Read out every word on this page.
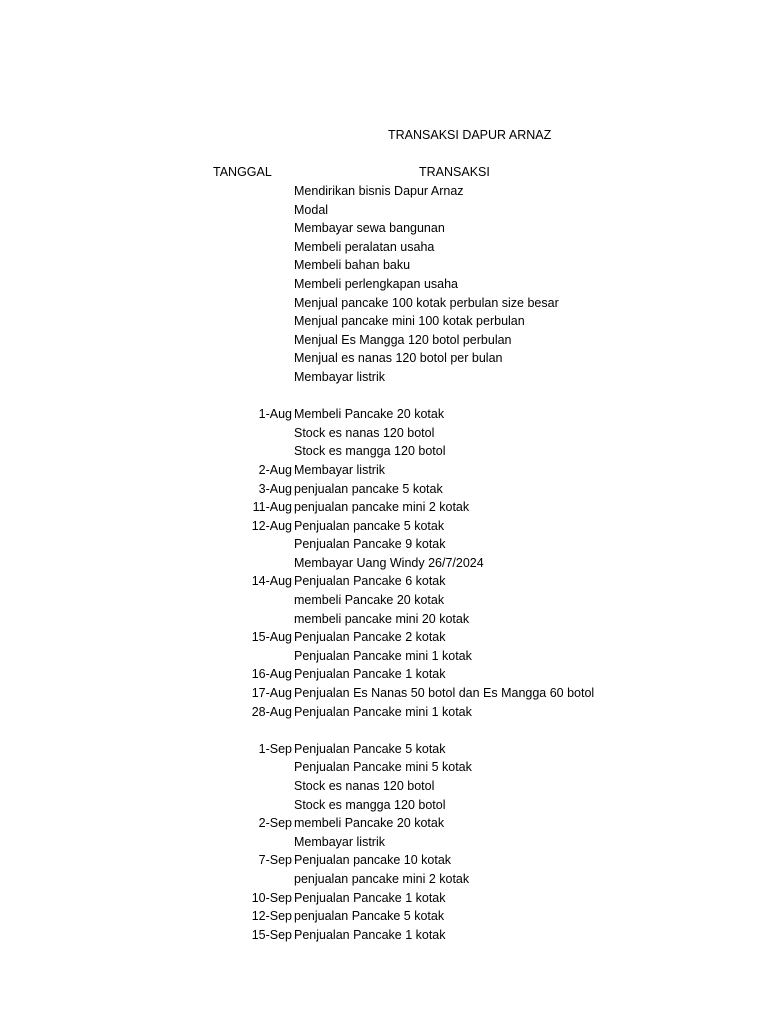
TRANSAKSI DAPUR ARNAZ
TANGGAL	TRANSAKSI
Mendirikan bisnis Dapur Arnaz
Modal
Membayar sewa bangunan
Membeli peralatan usaha
Membeli bahan baku
Membeli perlengkapan usaha
Menjual pancake 100 kotak perbulan size besar
Menjual pancake mini 100 kotak perbulan
Menjual Es Mangga 120 botol perbulan
Menjual es nanas 120 botol per bulan
Membayar listrik
1-Aug Membeli Pancake 20 kotak
Stock es nanas 120 botol
Stock es mangga 120 botol
2-Aug Membayar listrik
3-Aug penjualan pancake 5 kotak
11-Aug penjualan pancake mini 2 kotak
12-Aug Penjualan pancake 5 kotak
Penjualan Pancake 9 kotak
Membayar Uang Windy 26/7/2024
14-Aug Penjualan Pancake 6 kotak
membeli Pancake 20 kotak
membeli pancake mini 20 kotak
15-Aug Penjualan Pancake 2 kotak
Penjualan Pancake mini 1 kotak
16-Aug Penjualan Pancake 1 kotak
17-Aug Penjualan Es Nanas 50 botol dan Es Mangga 60 botol
28-Aug Penjualan Pancake mini 1 kotak
1-Sep Penjualan Pancake 5 kotak
Penjualan Pancake mini 5 kotak
Stock es nanas 120 botol
Stock es mangga 120 botol
2-Sep membeli Pancake 20 kotak
Membayar listrik
7-Sep Penjualan pancake 10 kotak
penjualan pancake mini 2 kotak
10-Sep Penjualan Pancake 1 kotak
12-Sep penjualan Pancake 5 kotak
15-Sep Penjualan Pancake 1 kotak
